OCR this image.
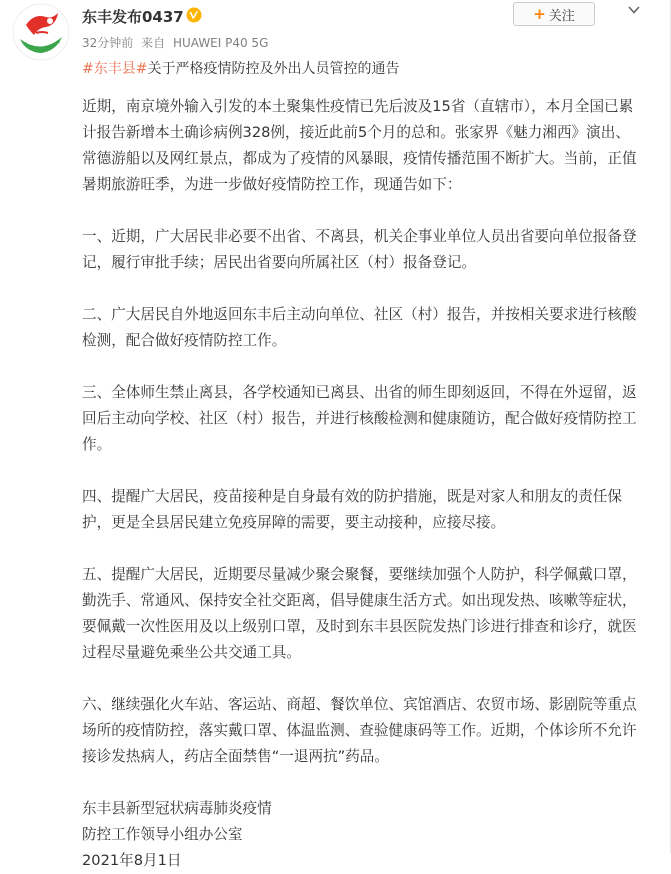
东丰发布0437
32分钟前 来自 HUAWEI P40 5G
+ 关注
#东丰县#关于严格疫情防控及外出人员管控的通告

近期，南京境外输入引发的本土聚集性疫情已先后波及15省（直辖市），本月全国已累计报告新增本土确诊病例328例，接近此前5个月的总和。张家界《魅力湘西》演出、常德游船以及网红景点，都成为了疫情的风暴眼，疫情传播范围不断扩大。当前，正值暑期旅游旺季，为进一步做好疫情防控工作，现通告如下：

一、近期，广大居民非必要不出省、不离县，机关企事业单位人员出省要向单位报备登记，履行审批手续；居民出省要向所属社区（村）报备登记。

二、广大居民自外地返回东丰后主动向单位、社区（村）报告，并按相关要求进行核酸检测，配合做好疫情防控工作。

三、全体师生禁止离县，各学校通知已离县、出省的师生即刻返回，不得在外逗留，返回后主动向学校、社区（村）报告，并进行核酸检测和健康随访，配合做好疫情防控工作。

四、提醒广大居民，疫苗接种是自身最有效的防护措施，既是对家人和朋友的责任保护，更是全县居民建立免疫屏障的需要，要主动接种，应接尽接。

五、提醒广大居民，近期要尽量减少聚会聚餐，要继续加强个人防护，科学佩戴口罩，勤洗手、常通风、保持安全社交距离，倡导健康生活方式。如出现发热、咳嗽等症状，要佩戴一次性医用及以上级别口罩，及时到东丰县医院发热门诊进行排查和诊疗，就医过程尽量避免乘坐公共交通工具。

六、继续强化火车站、客运站、商超、餐饮单位、宾馆酒店、农贸市场、影剧院等重点场所的疫情防控，落实戴口罩、体温监测、查验健康码等工作。近期，个体诊所不允许接诊发热病人，药店全面禁售“一退两抗”药品。

东丰县新型冠状病毒肺炎疫情

防控工作领导小组办公室

2021年8月1日
